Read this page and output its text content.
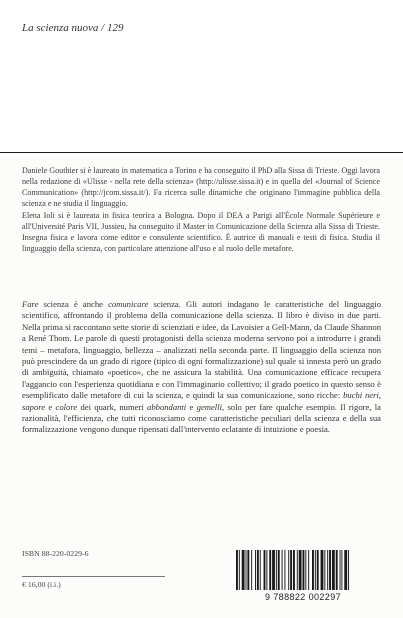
La scienza nuova / 129

Daniele Gouthier si è laureato in matematica a Torino e ha conseguito il PhD alla Sissa di Trieste. Oggi lavora nella redazione di «Ulisse - nella rete della scienza» (http://ulisse.sissa.it) e in quella del «Journal of Science Communication» (http://jcom.sissa.it/). Fa ricerca sulle dinamiche che originano l'immagine pubblica della scienza e ne studia il linguaggio.

Elena Ioli si è laureata in fisica teorica a Bologna. Dopo il DEA a Parigi all'École Normale Supérieure e all'Université Paris VII, Jussieu, ha conseguito il Master in Comunicazione della Scienza alla Sissa di Trieste. Insegna fisica e lavora come editor e consulente scientifico. È autrice di manuali e testi di fisica. Studia il linguaggio della scienza, con particolare attenzione all'uso e al ruolo delle metafore.

Fare scienza è anche comunicare scienza. Gli autori indagano le caratteristiche del linguaggio scientifico, affrontando il problema della comunicazione della scienza. Il libro è diviso in due parti. Nella prima si raccontano sette storie di scienziati e idee, da Lavoisier a Gell-Mann, da Claude Shannon a René Thom. Le parole di questi protagonisti della scienza moderna servono poi a introdurre i grandi temi – metafora, linguaggio, bellezza – analizzati nella seconda parte. Il linguaggio della scienza non può prescindere da un grado di rigore (tipico di ogni formalizzazione) sul quale si innesta però un grado di ambiguità, chiamato «poetico», che ne assicura la stabilità. Una comunicazione efficace recupera l'aggancio con l'esperienza quotidiana e con l'immaginario collettivo; il grado poetico in questo senso è esemplificato dalle metafore di cui la scienza, e quindi la sua comunicazione, sono ricche: buchi neri, sapore e colore dei quark, numeri abbondanti e gemelli, solo per fare qualche esempio. Il rigore, la razionalità, l'efficienza, che tutti riconosciamo come caratteristiche peculiari della scienza e della sua formalizzazione vengono dunque ripensati dall'intervento eclatante di intuizione e poesia.

ISBN 88-220-0229-6

€ 16,00 (i.i.)

9 788822 002297
